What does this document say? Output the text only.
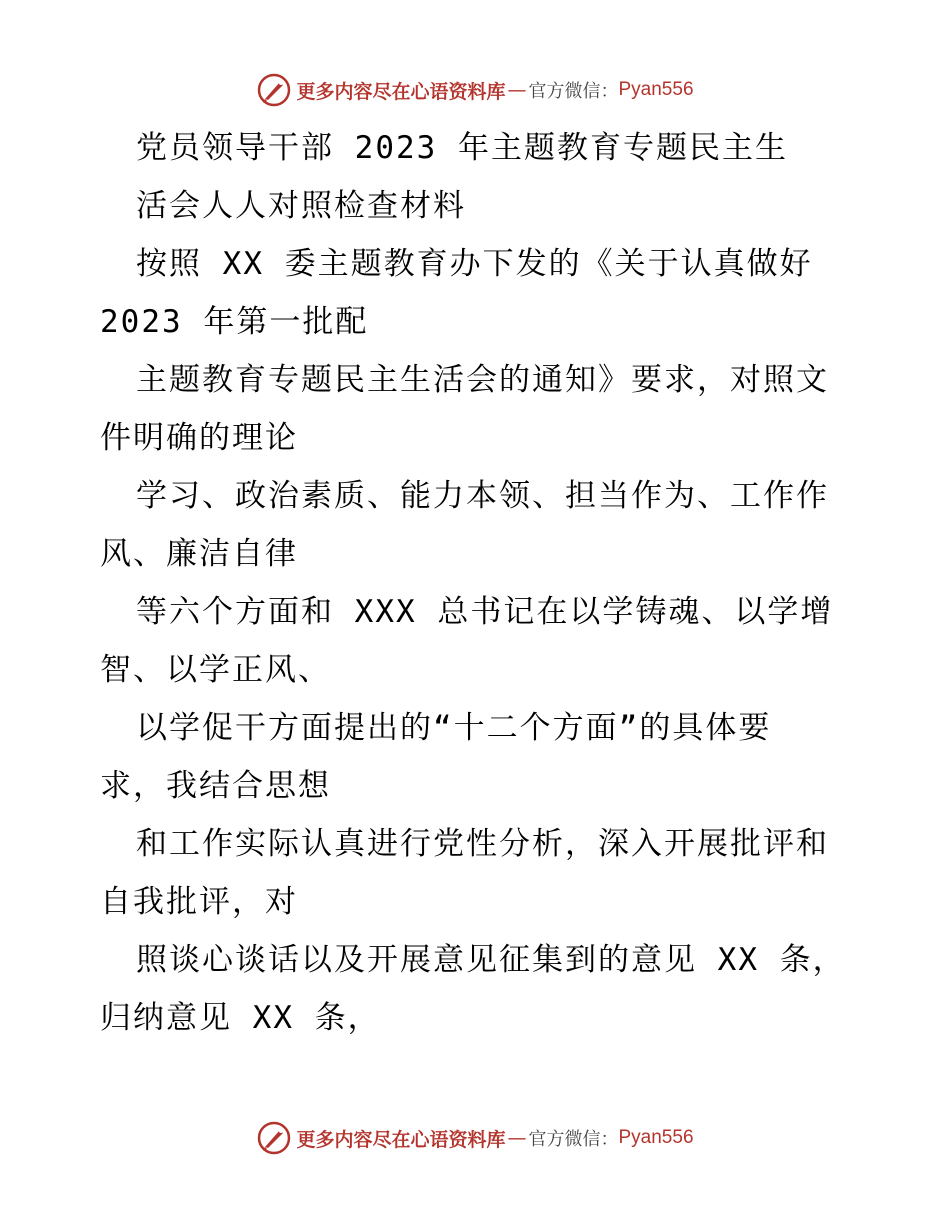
更多内容尽在心语资料库 — 官方微信： Pyan556
党员领导干部 2023 年主题教育专题民主生
活会人人对照检查材料
按照 XX 委主题教育办下发的《关于认真做好
2023 年第一批配
主题教育专题民主生活会的通知》要求，对照文
件明确的理论
学习、政治素质、能力本领、担当作为、工作作
风、廉洁自律
等六个方面和 XXX 总书记在以学铸魂、以学增
智、以学正风、
以学促干方面提出的“十二个方面”的具体要
求，我结合思想
和工作实际认真进行党性分析，深入开展批评和
自我批评，对
照谈心谈话以及开展意见征集到的意见 XX 条，
归纳意见 XX 条，
更多内容尽在心语资料库 — 官方微信： Pyan556
